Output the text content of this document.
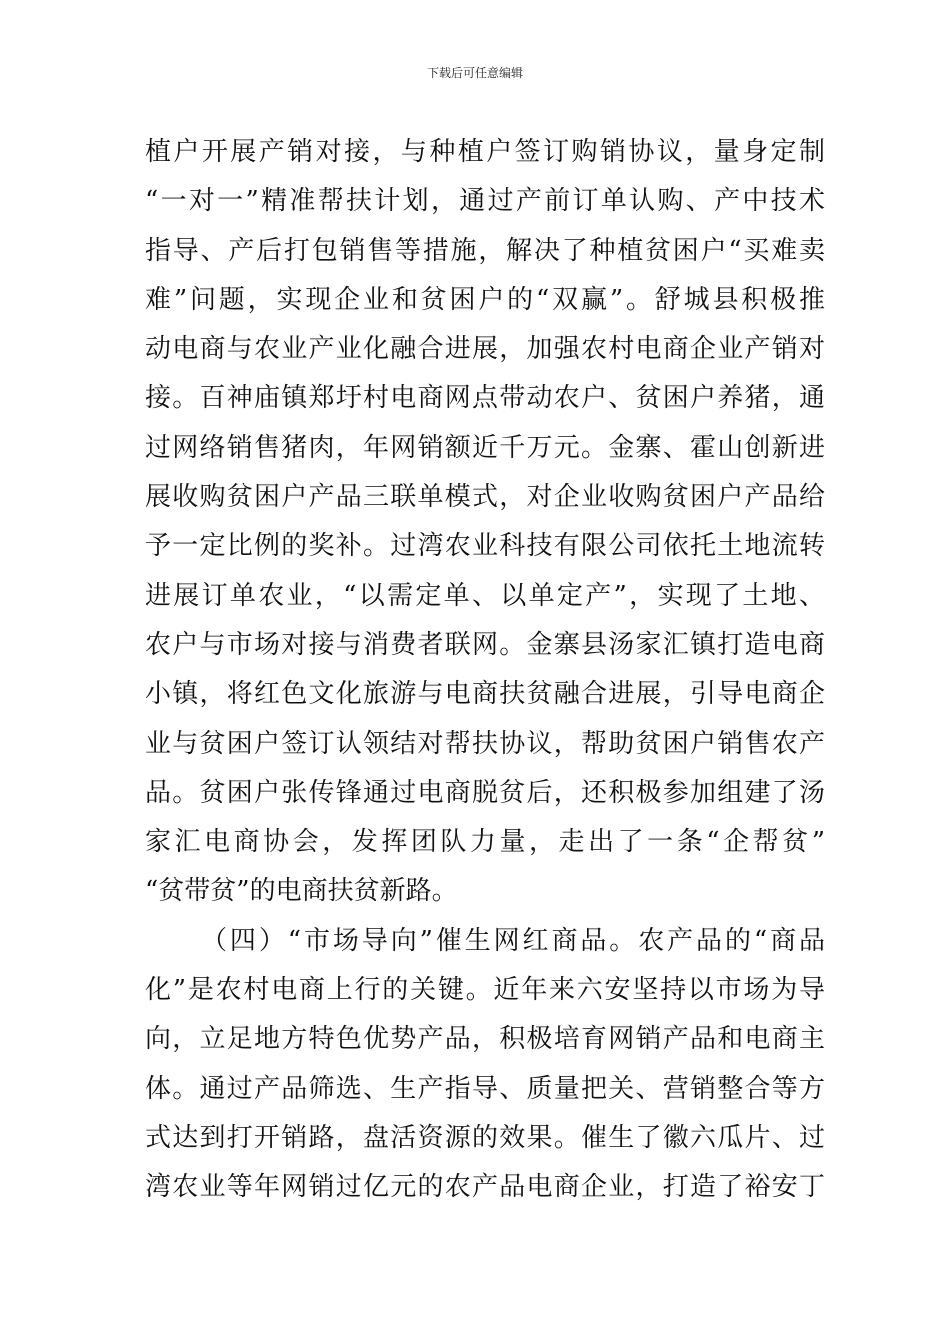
下载后可任意编辑
植户开展产销对接，与种植户签订购销协议，量身定制
“一对一”精准帮扶计划，通过产前订单认购、产中技术
指导、产后打包销售等措施，解决了种植贫困户“买难卖
难”问题，实现企业和贫困户的“双赢”。舒城县积极推
动电商与农业产业化融合进展，加强农村电商企业产销对
接。百神庙镇郑圩村电商网点带动农户、贫困户养猪，通
过网络销售猪肉，年网销额近千万元。金寨、霍山创新进
展收购贫困户产品三联单模式，对企业收购贫困户产品给
予一定比例的奖补。过湾农业科技有限公司依托土地流转
进展订单农业，“以需定单、以单定产”，实现了土地、
农户与市场对接与消费者联网。金寨县汤家汇镇打造电商
小镇，将红色文化旅游与电商扶贫融合进展，引导电商企
业与贫困户签订认领结对帮扶协议，帮助贫困户销售农产
品。贫困户张传锋通过电商脱贫后，还积极参加组建了汤
家汇电商协会，发挥团队力量，走出了一条“企帮贫”
“贫带贫”的电商扶贫新路。
（四）“市场导向”催生网红商品。农产品的“商品
化”是农村电商上行的关键。近年来六安坚持以市场为导
向，立足地方特色优势产品，积极培育网销产品和电商主
体。通过产品筛选、生产指导、质量把关、营销整合等方
式达到打开销路，盘活资源的效果。催生了徽六瓜片、过
湾农业等年网销过亿元的农产品电商企业，打造了裕安丁
